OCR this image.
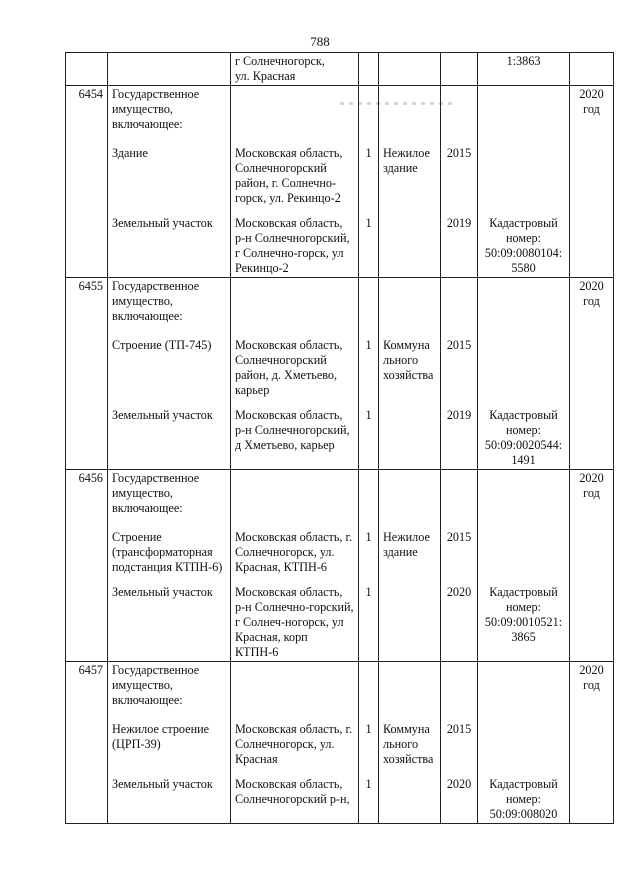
788
		г Солнечногорск,
ул. Красная				1:3863	
6454	Государственное имущество, включающее:						2020 год

	Здание	Московская область, Солнечногорский район, г. Солнечно-горск, ул. Рекинцо-2	1	Нежилое здание	2015		

	Земельный участок	Московская область, р-н Солнечногорский, г Солнечно-горск, ул Рекинцо-2	1		2019	Кадастровый номер: 50:09:0080104:5580	
6455	Государственное имущество, включающее:						2020 год

	Строение (ТП-745)	Московская область, Солнечногорский район, д. Хметьево, карьер	1	Коммунального хозяйства	2015		

	Земельный участок	Московская область, р-н Солнечногорский, д Хметьево, карьер	1		2019	Кадастровый номер: 50:09:0020544:1491	
6456	Государственное имущество, включающее:						2020 год

	Строение (трансформаторная подстанция КТПН-6)	Московская область, г. Солнечногорск, ул. Красная, КТПН-6	1	Нежилое здание	2015		

	Земельный участок	Московская область, р-н Солнечно-горский, г Солнеч-ногорск, ул Красная, корп КТПН-6	1		2020	Кадастровый номер: 50:09:0010521:3865	
6457	Государственное имущество, включающее:						2020 год

	Нежилое строение (ЦРП-39)	Московская область, г. Солнечногорск, ул. Красная	1	Коммунального хозяйства	2015		

	Земельный участок	Московская область, Солнечногорский р-н,	1		2020	Кадастровый номер: 50:09:008020	
